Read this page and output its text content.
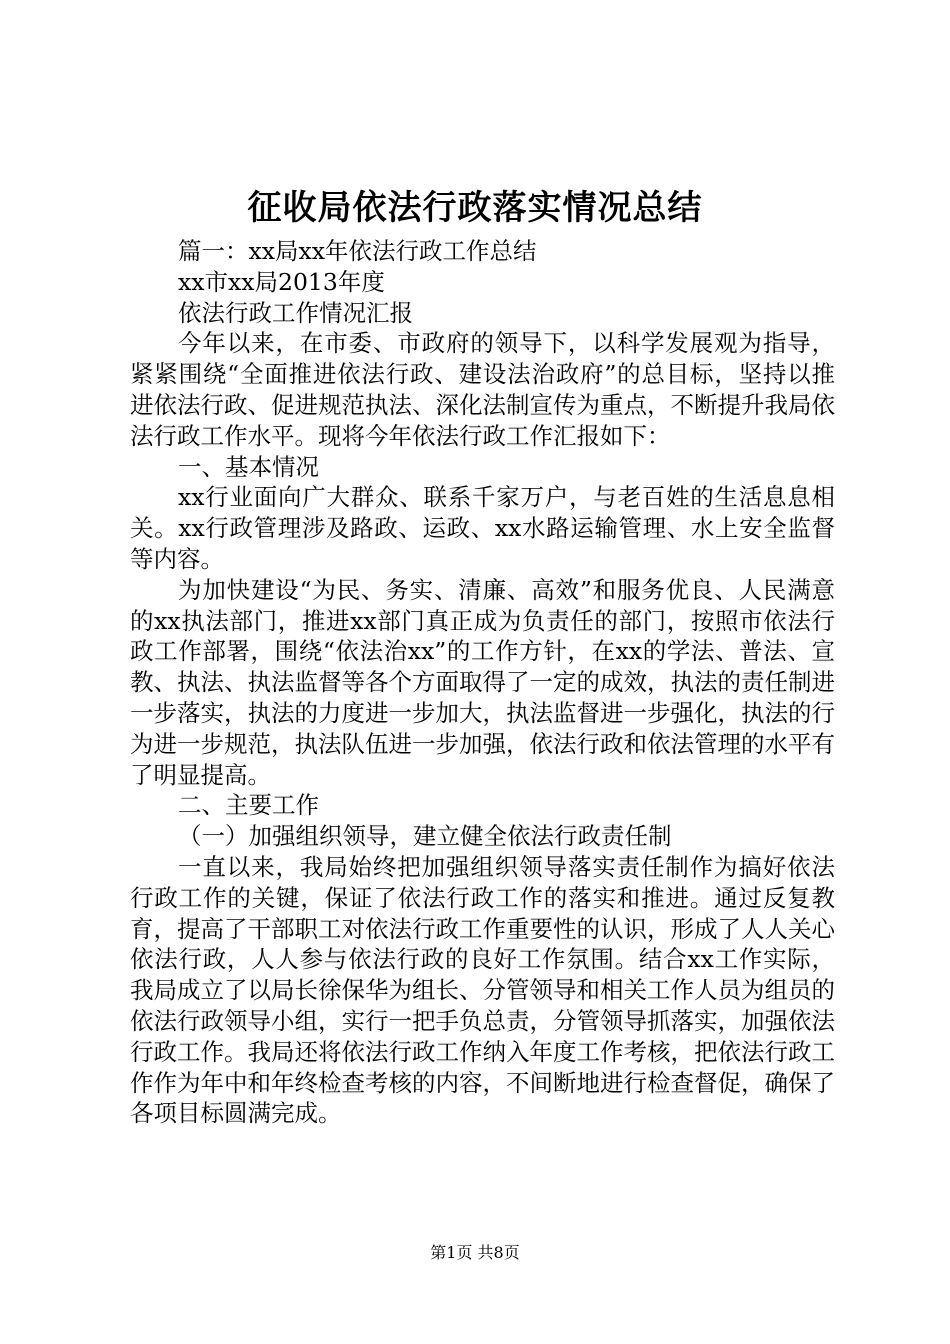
征收局依法行政落实情况总结

篇一：xx局xx年依法行政工作总结

xx市xx局2013年度

依法行政工作情况汇报

今年以来，在市委、市政府的领导下，以科学发展观为指导，紧紧围绕“全面推进依法行政、建设法治政府”的总目标，坚持以推进依法行政、促进规范执法、深化法制宣传为重点，不断提升我局依法行政工作水平。现将今年依法行政工作汇报如下：

一、基本情况

xx行业面向广大群众、联系千家万户，与老百姓的生活息息相关。xx行政管理涉及路政、运政、xx水路运输管理、水上安全监督等内容。

为加快建设“为民、务实、清廉、高效”和服务优良、人民满意的xx执法部门，推进xx部门真正成为负责任的部门，按照市依法行政工作部署，围绕“依法治xx”的工作方针，在xx的学法、普法、宣教、执法、执法监督等各个方面取得了一定的成效，执法的责任制进一步落实，执法的力度进一步加大，执法监督进一步强化，执法的行为进一步规范，执法队伍进一步加强，依法行政和依法管理的水平有了明显提高。

二、主要工作

（一）加强组织领导，建立健全依法行政责任制

一直以来，我局始终把加强组织领导落实责任制作为搞好依法行政工作的关键，保证了依法行政工作的落实和推进。通过反复教育，提高了干部职工对依法行政工作重要性的认识，形成了人人关心依法行政，人人参与依法行政的良好工作氛围。结合xx工作实际，我局成立了以局长徐保华为组长、分管领导和相关工作人员为组员的依法行政领导小组，实行一把手负总责，分管领导抓落实，加强依法行政工作。我局还将依法行政工作纳入年度工作考核，把依法行政工作作为年中和年终检查考核的内容，不间断地进行检查督促，确保了各项目标圆满完成。

第1页 共8页
